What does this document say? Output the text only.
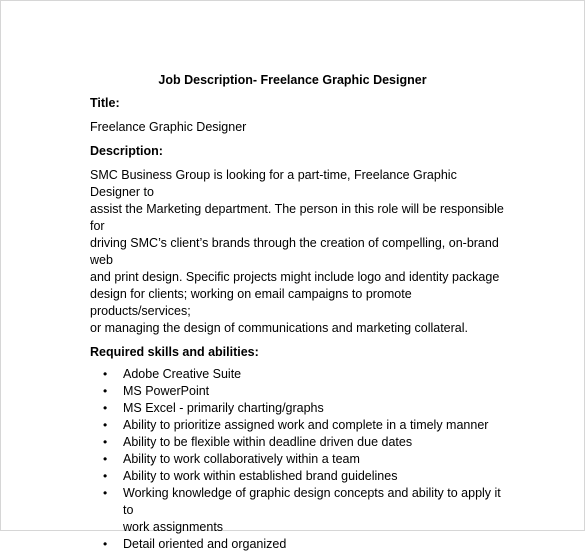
Job Description- Freelance Graphic Designer

Title:

Freelance Graphic Designer

Description:

SMC Business Group is looking for a part-time, Freelance Graphic Designer to
assist the Marketing department. The person in this role will be responsible for
driving SMC’s client’s brands through the creation of compelling, on-brand web
and print design. Specific projects might include logo and identity package
design for clients; working on email campaigns to promote products/services;
or managing the design of communications and marketing collateral.

Required skills and abilities:

• Adobe Creative Suite
• MS PowerPoint
• MS Excel - primarily charting/graphs
• Ability to prioritize assigned work and complete in a timely manner
• Ability to be flexible within deadline driven due dates
• Ability to work collaboratively within a team
• Ability to work within established brand guidelines
• Working knowledge of graphic design concepts and ability to apply it to
work assignments
• Detail oriented and organized
